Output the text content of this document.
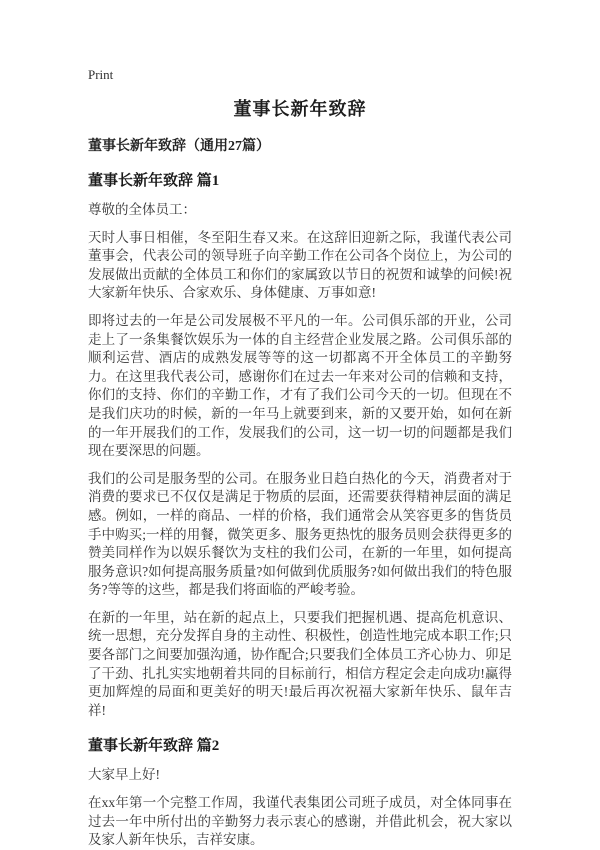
Print
董事长新年致辞
董事长新年致辞（通用27篇）
董事长新年致辞 篇1

尊敬的全体员工：

天时人事日相催，冬至阳生春又来。在这辞旧迎新之际，我谨代表公司董事会，代表公司的领导班子向辛勤工作在公司各个岗位上，为公司的发展做出贡献的全体员工和你们的家属致以节日的祝贺和诚挚的问候!祝大家新年快乐、合家欢乐、身体健康、万事如意!

即将过去的一年是公司发展极不平凡的一年。公司俱乐部的开业，公司走上了一条集餐饮娱乐为一体的自主经营企业发展之路。公司俱乐部的顺利运营、酒店的成熟发展等等的这一切都离不开全体员工的辛勤努力。在这里我代表公司，感谢你们在过去一年来对公司的信赖和支持，你们的支持、你们的辛勤工作，才有了我们公司今天的一切。但现在不是我们庆功的时候，新的一年马上就要到来，新的又要开始，如何在新的一年开展我们的工作，发展我们的公司，这一切一切的问题都是我们现在要深思的问题。

我们的公司是服务型的公司。在服务业日趋白热化的今天，消费者对于消费的要求已不仅仅是满足于物质的层面，还需要获得精神层面的满足感。例如，一样的商品、一样的价格，我们通常会从笑容更多的售货员手中购买;一样的用餐，微笑更多、服务更热忱的服务员则会获得更多的赞美同样作为以娱乐餐饮为支柱的我们公司，在新的一年里，如何提高服务意识?如何提高服务质量?如何做到优质服务?如何做出我们的特色服务?等等的这些，都是我们将面临的严峻考验。

在新的一年里，站在新的起点上，只要我们把握机遇、提高危机意识、统一思想，充分发挥自身的主动性、积极性，创造性地完成本职工作;只要各部门之间要加强沟通，协作配合;只要我们全体员工齐心协力、卯足了干劲、扎扎实实地朝着共同的目标前行，相信方程定会走向成功!赢得更加辉煌的局面和更美好的明天!最后再次祝福大家新年快乐、鼠年吉祥!

董事长新年致辞 篇2

大家早上好!

在xx年第一个完整工作周，我谨代表集团公司班子成员，对全体同事在过去一年中所付出的辛勤努力表示衷心的感谢，并借此机会，祝大家以及家人新年快乐，吉祥安康。
